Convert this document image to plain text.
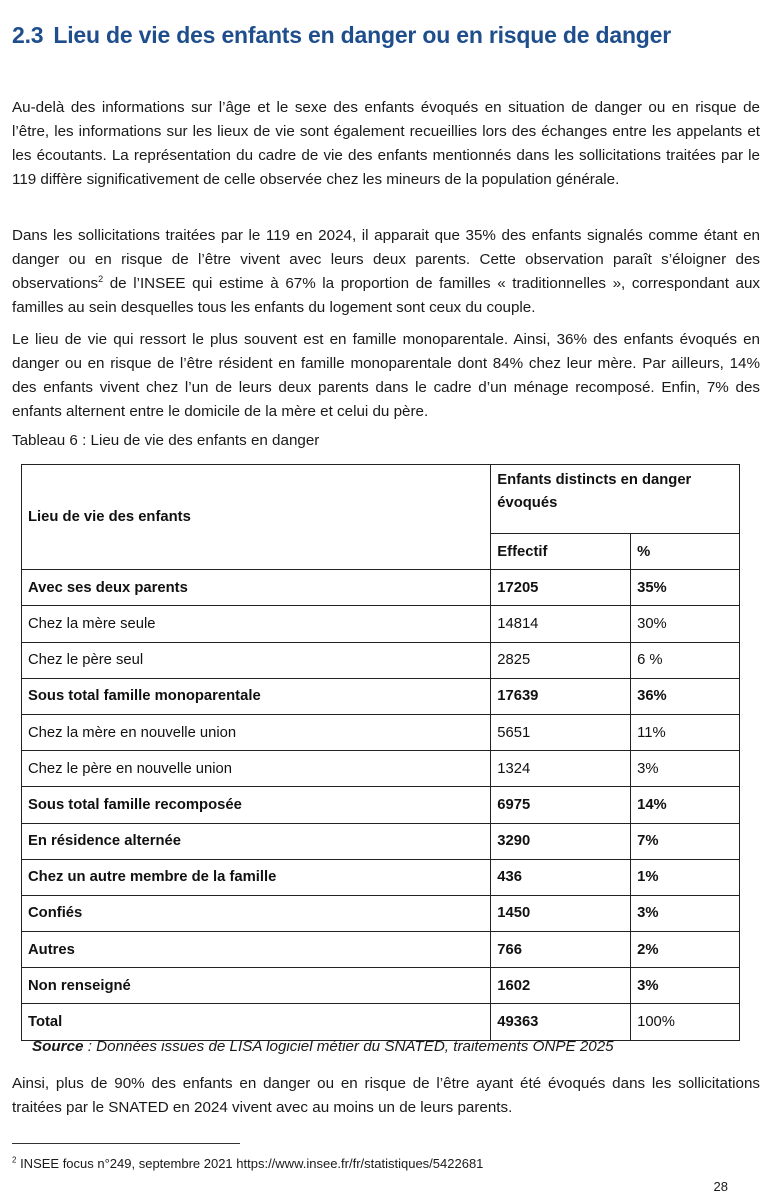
2.3 Lieu de vie des enfants en danger ou en risque de danger

Au-delà des informations sur l’âge et le sexe des enfants évoqués en situation de danger ou en risque de l’être, les informations sur les lieux de vie sont également recueillies lors des échanges entre les appelants et les écoutants. La représentation du cadre de vie des enfants mentionnés dans les sollicitations traitées par le 119 diffère significativement de celle observée chez les mineurs de la population générale.

Dans les sollicitations traitées par le 119 en 2024, il apparait que 35% des enfants signalés comme étant en danger ou en risque de l’être vivent avec leurs deux parents. Cette observation paraît s’éloigner des observations$^2$ de l’INSEE qui estime à 67% la proportion de familles « traditionnelles », correspondant aux familles au sein desquelles tous les enfants du logement sont ceux du couple.

Le lieu de vie qui ressort le plus souvent est en famille monoparentale. Ainsi, 36% des enfants évoqués en danger ou en risque de l’être résident en famille monoparentale dont 84% chez leur mère. Par ailleurs, 14% des enfants vivent chez l’un de leurs deux parents dans le cadre d’un ménage recomposé. Enfin, 7% des enfants alternent entre le domicile de la mère et celui du père.

Tableau 6 : Lieu de vie des enfants en danger
Lieu de vie des enfants	Enfants distincts en danger évoqués	
	Effectif	%
Avec ses deux parents	17205	35%
Chez la mère seule	14814	30%
Chez le père seul	2825	6 %
Sous total famille monoparentale	17639	36%
Chez la mère en nouvelle union	5651	11%
Chez le père en nouvelle union	1324	3%
Sous total famille recomposée	6975	14%
En résidence alternée	3290	7%
Chez un autre membre de la famille	436	1%
Confiés	1450	3%
Autres	766	2%
Non renseigné	1602	3%
Total	49363	100%
Source : Données issues de LISA logiciel métier du SNATED, traitements ONPE 2025

Ainsi, plus de 90% des enfants en danger ou en risque de l’être ayant été évoqués dans les sollicitations traitées par le SNATED en 2024 vivent avec au moins un de leurs parents.

$^2$ INSEE focus n°249, septembre 2021 https://www.insee.fr/fr/statistiques/5422681
28
